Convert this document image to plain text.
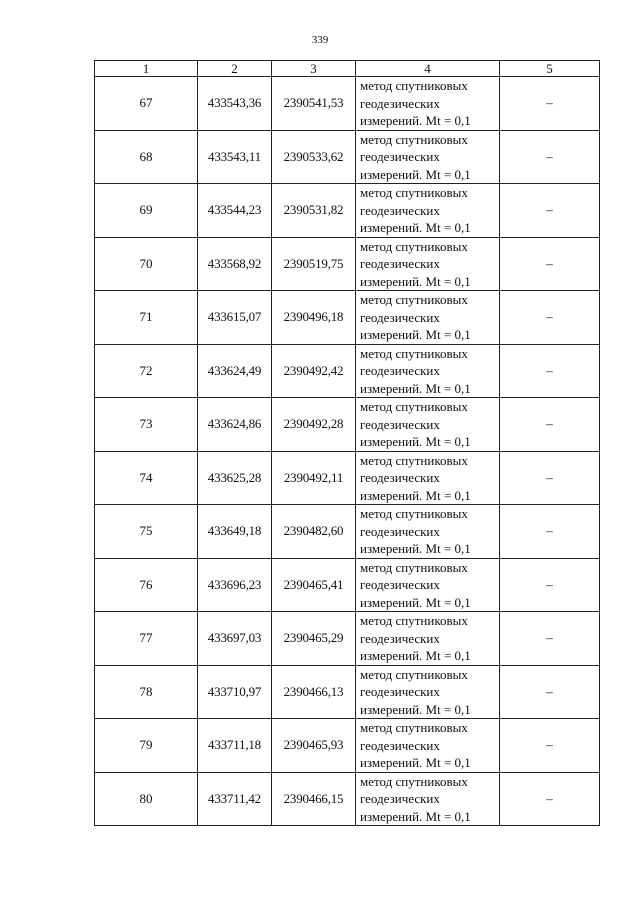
339
1	2	3	4	5
67	433543,36	2390541,53	метод спутниковых
геодезических
измерений. Mt = 0,1	–
68	433543,11	2390533,62	метод спутниковых
геодезических
измерений. Mt = 0,1	–
69	433544,23	2390531,82	метод спутниковых
геодезических
измерений. Mt = 0,1	–
70	433568,92	2390519,75	метод спутниковых
геодезических
измерений. Mt = 0,1	–
71	433615,07	2390496,18	метод спутниковых
геодезических
измерений. Mt = 0,1	–
72	433624,49	2390492,42	метод спутниковых
геодезических
измерений. Mt = 0,1	–
73	433624,86	2390492,28	метод спутниковых
геодезических
измерений. Mt = 0,1	–
74	433625,28	2390492,11	метод спутниковых
геодезических
измерений. Mt = 0,1	–
75	433649,18	2390482,60	метод спутниковых
геодезических
измерений. Mt = 0,1	–
76	433696,23	2390465,41	метод спутниковых
геодезических
измерений. Mt = 0,1	–
77	433697,03	2390465,29	метод спутниковых
геодезических
измерений. Mt = 0,1	–
78	433710,97	2390466,13	метод спутниковых
геодезических
измерений. Mt = 0,1	–
79	433711,18	2390465,93	метод спутниковых
геодезических
измерений. Mt = 0,1	–
80	433711,42	2390466,15	метод спутниковых
геодезических
измерений. Mt = 0,1	–
